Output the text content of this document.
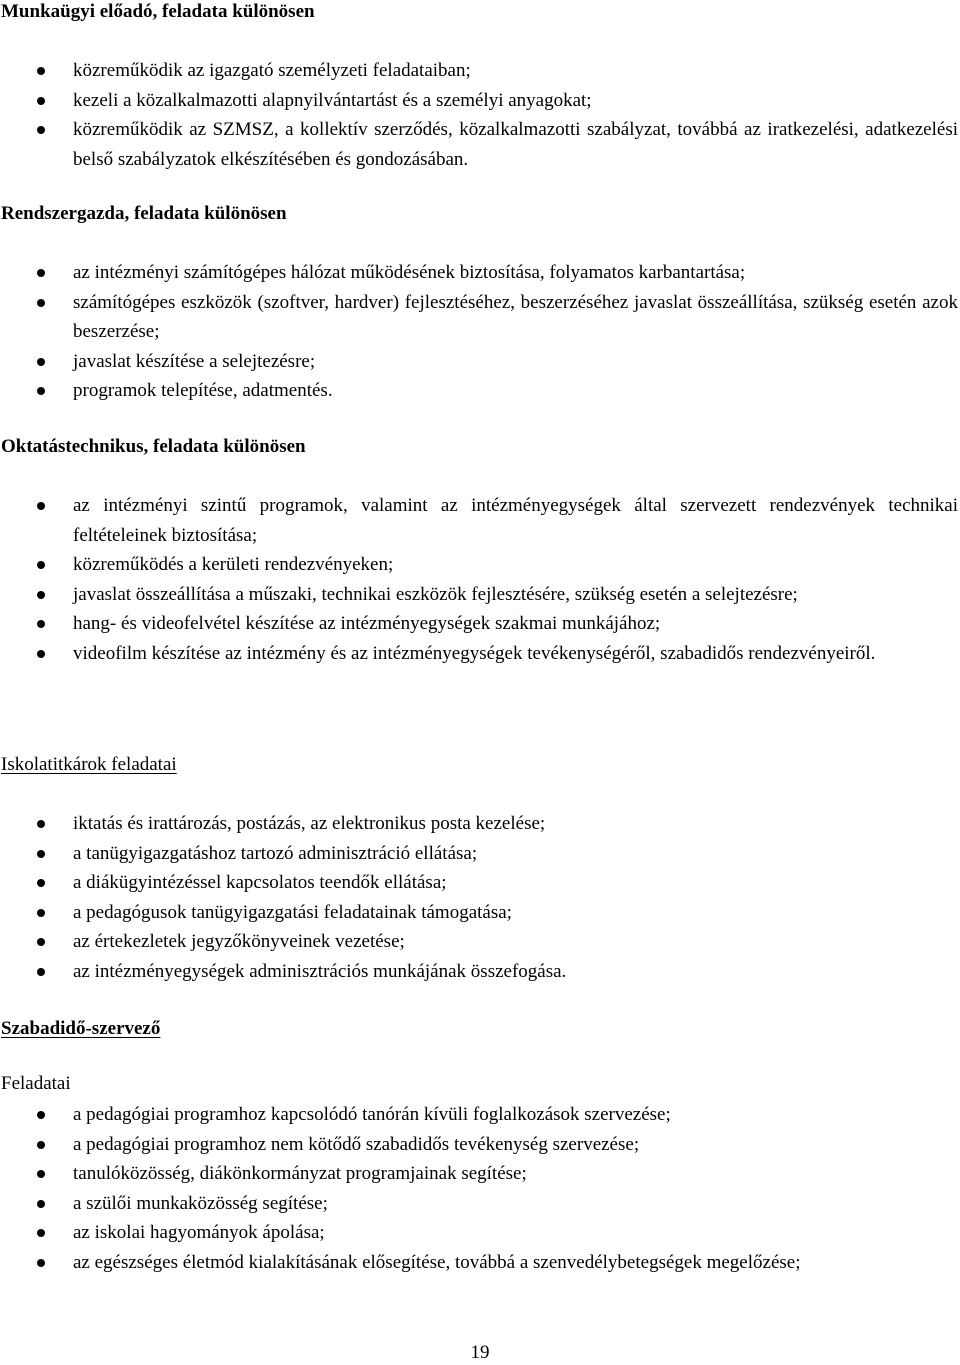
Munkaügyi előadó, feladata különösen
közreműködik az igazgató személyzeti feladataiban;
kezeli a közalkalmazotti alapnyilvántartást és a személyi anyagokat;
közreműködik az SZMSZ, a kollektív szerződés, közalkalmazotti szabályzat, továbbá az iratkezelési, adatkezelési belső szabályzatok elkészítésében és gondozásában.
Rendszergazda, feladata különösen
az intézményi számítógépes hálózat működésének biztosítása, folyamatos karbantartása;
számítógépes eszközök (szoftver, hardver) fejlesztéséhez, beszerzéséhez javaslat összeállítása, szükség esetén azok beszerzése;
javaslat készítése a selejtezésre;
programok telepítése, adatmentés.
Oktatástechnikus, feladata különösen
az intézményi szintű programok, valamint az intézményegységek által szervezett rendezvények technikai feltételeinek biztosítása;
közreműködés a kerületi rendezvényeken;
javaslat összeállítása a műszaki, technikai eszközök fejlesztésére, szükség esetén a selejtezésre;
hang- és videofelvétel készítése az intézményegységek szakmai munkájához;
videofilm készítése az intézmény és az intézményegységek tevékenységéről, szabadidős rendezvényeiről.
Iskolatitkárok feladatai
iktatás és irattározás, postázás, az elektronikus posta kezelése;
a tanügyigazgatáshoz tartozó adminisztráció ellátása;
a diákügyintézéssel kapcsolatos teendők ellátása;
a pedagógusok tanügyigazgatási feladatainak támogatása;
az értekezletek jegyzőkönyveinek vezetése;
az intézményegységek adminisztrációs munkájának összefogása.
Szabadidő-szervező
Feladatai
a pedagógiai programhoz kapcsolódó tanórán kívüli foglalkozások szervezése;
a pedagógiai programhoz nem kötődő szabadidős tevékenység szervezése;
tanulóközösség, diákönkormányzat programjainak segítése;
a szülői munkaközösség segítése;
az iskolai hagyományok ápolása;
az egészséges életmód kialakításának elősegítése, továbbá a szenvedélybetegségek megelőzése;
19
